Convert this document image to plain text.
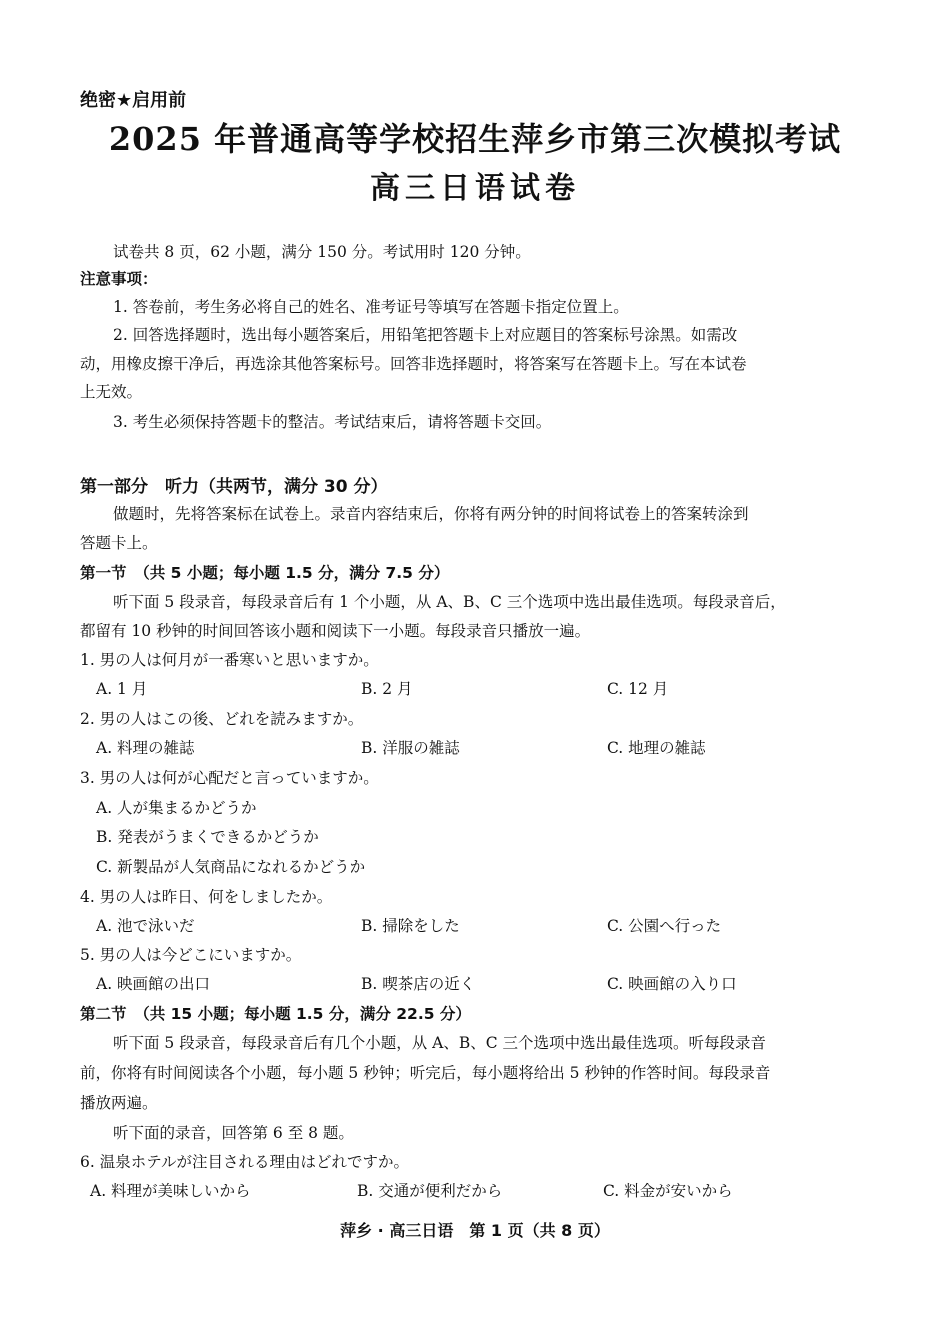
绝密★启用前
2025 年普通高等学校招生萍乡市第三次模拟考试
高三日语试卷
试卷共 8 页，62 小题，满分 150 分。考试用时 120 分钟。
注意事项：
1. 答卷前，考生务必将自己的姓名、准考证号等填写在答题卡指定位置上。
2. 回答选择题时，选出每小题答案后，用铅笔把答题卡上对应题目的答案标号涂黑。如需改
动，用橡皮擦干净后，再选涂其他答案标号。回答非选择题时，将答案写在答题卡上。写在本试卷
上无效。
3. 考生必须保持答题卡的整洁。考试结束后，请将答题卡交回。
第一部分　听力（共两节，满分 30 分）
做题时，先将答案标在试卷上。录音内容结束后，你将有两分钟的时间将试卷上的答案转涂到
答题卡上。
第一节　（共 5 小题；每小题 1.5 分，满分 7.5 分）
听下面 5 段录音，每段录音后有 1 个小题，从 A、B、C 三个选项中选出最佳选项。每段录音后，
都留有 10 秒钟的时间回答该小题和阅读下一小题。每段录音只播放一遍。
1. 男の人は何月が一番寒いと思いますか。
A. 1 月	B. 2 月	C. 12 月
2. 男の人はこの後、どれを読みますか。
A. 料理の雑誌	B. 洋服の雑誌	C. 地理の雑誌
3. 男の人は何が心配だと言っていますか。
A. 人が集まるかどうか
B. 発表がうまくできるかどうか
C. 新製品が人気商品になれるかどうか
4. 男の人は昨日、何をしましたか。
A. 池で泳いだ	B. 掃除をした	C. 公園へ行った
5. 男の人は今どこにいますか。
A. 映画館の出口	B. 喫茶店の近く	C. 映画館の入り口
第二节　（共 15 小题；每小题 1.5 分，满分 22.5 分）
听下面 5 段录音，每段录音后有几个小题，从 A、B、C 三个选项中选出最佳选项。听每段录音
前，你将有时间阅读各个小题，每小题 5 秒钟；听完后，每小题将给出 5 秒钟的作答时间。每段录音
播放两遍。
听下面的录音，回答第 6 至 8 题。
6. 温泉ホテルが注目される理由はどれですか。
A. 料理が美味しいから	B. 交通が便利だから	C. 料金が安いから
萍乡 · 高三日语　第 1 页（共 8 页）
